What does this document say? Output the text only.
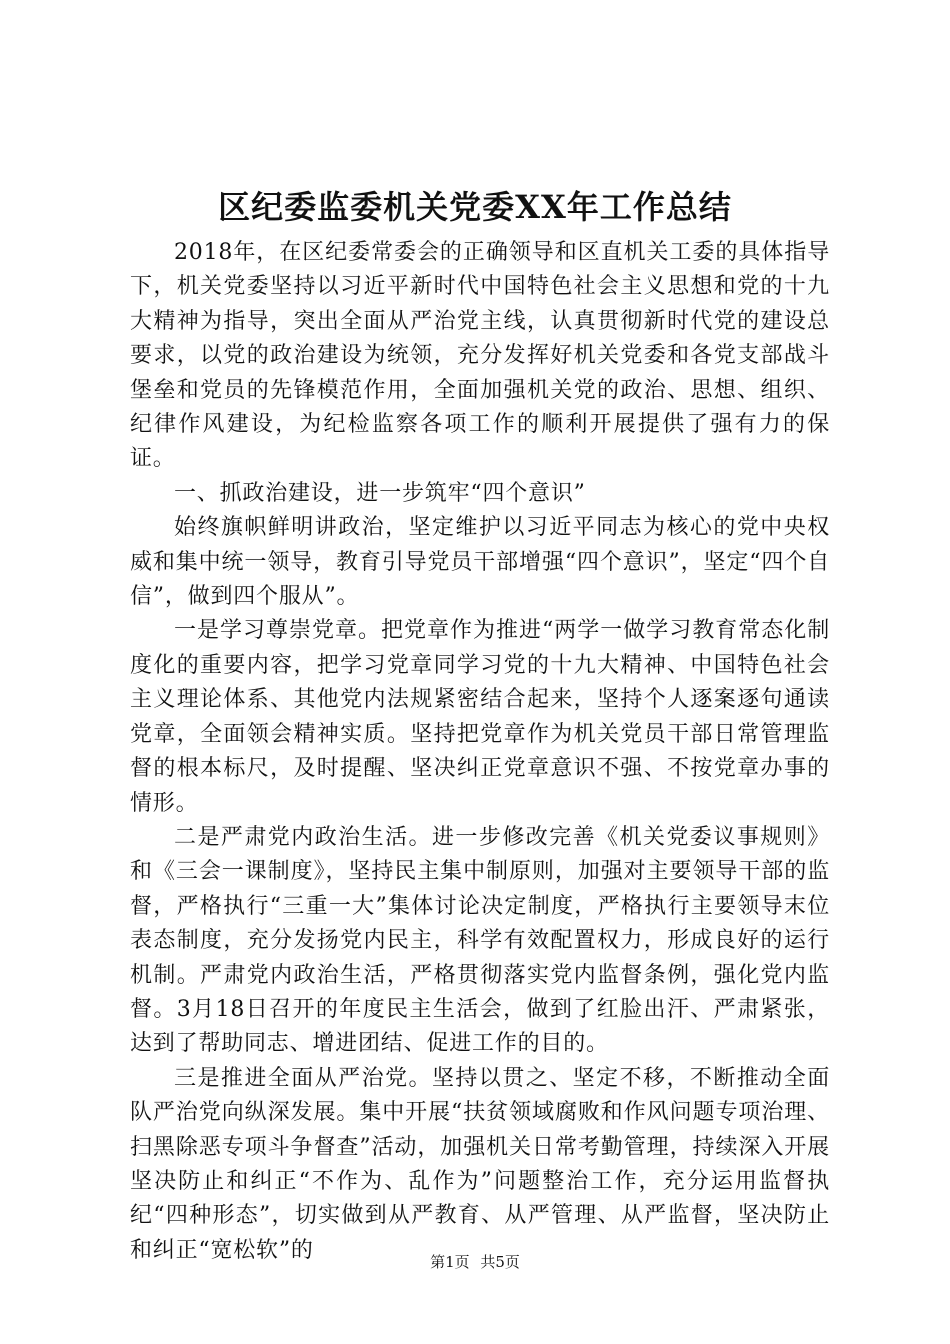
区纪委监委机关党委XX年工作总结

2018年，在区纪委常委会的正确领导和区直机关工委的具体指导下，机关党委坚持以习近平新时代中国特色社会主义思想和党的十九大精神为指导，突出全面从严治党主线，认真贯彻新时代党的建设总要求，以党的政治建设为统领，充分发挥好机关党委和各党支部战斗堡垒和党员的先锋模范作用，全面加强机关党的政治、思想、组织、纪律作风建设，为纪检监察各项工作的顺利开展提供了强有力的保证。

一、抓政治建设，进一步筑牢“四个意识”

始终旗帜鲜明讲政治，坚定维护以习近平同志为核心的党中央权威和集中统一领导，教育引导党员干部增强“四个意识”，坚定“四个自信”，做到四个服从”。

一是学习尊崇党章。把党章作为推进“两学一做学习教育常态化制度化的重要内容，把学习党章同学习党的十九大精神、中国特色社会主义理论体系、其他党内法规紧密结合起来，坚持个人逐案逐句通读党章，全面领会精神实质。坚持把党章作为机关党员干部日常管理监督的根本标尺，及时提醒、坚决纠正党章意识不强、不按党章办事的情形。

二是严肃党内政治生活。进一步修改完善《机关党委议事规则》和《三会一课制度》，坚持民主集中制原则，加强对主要领导干部的监督，严格执行“三重一大”集体讨论决定制度，严格执行主要领导末位表态制度，充分发扬党内民主，科学有效配置权力，形成良好的运行机制。严肃党内政治生活，严格贯彻落实党内监督条例，强化党内监督。3月18日召开的年度民主生活会，做到了红脸出汗、严肃紧张，达到了帮助同志、增进团结、促进工作的目的。

三是推进全面从严治党。坚持以贯之、坚定不移，不断推动全面队严治党向纵深发展。集中开展“扶贫领域腐败和作风问题专项治理、扫黑除恶专项斗争督查”活动，加强机关日常考勤管理，持续深入开展坚决防止和纠正“不作为、乱作为”问题整治工作，充分运用监督执纪“四种形态”，切实做到从严教育、从严管理、从严监督，坚决防止和纠正“宽松软”的	第1页 共5页
